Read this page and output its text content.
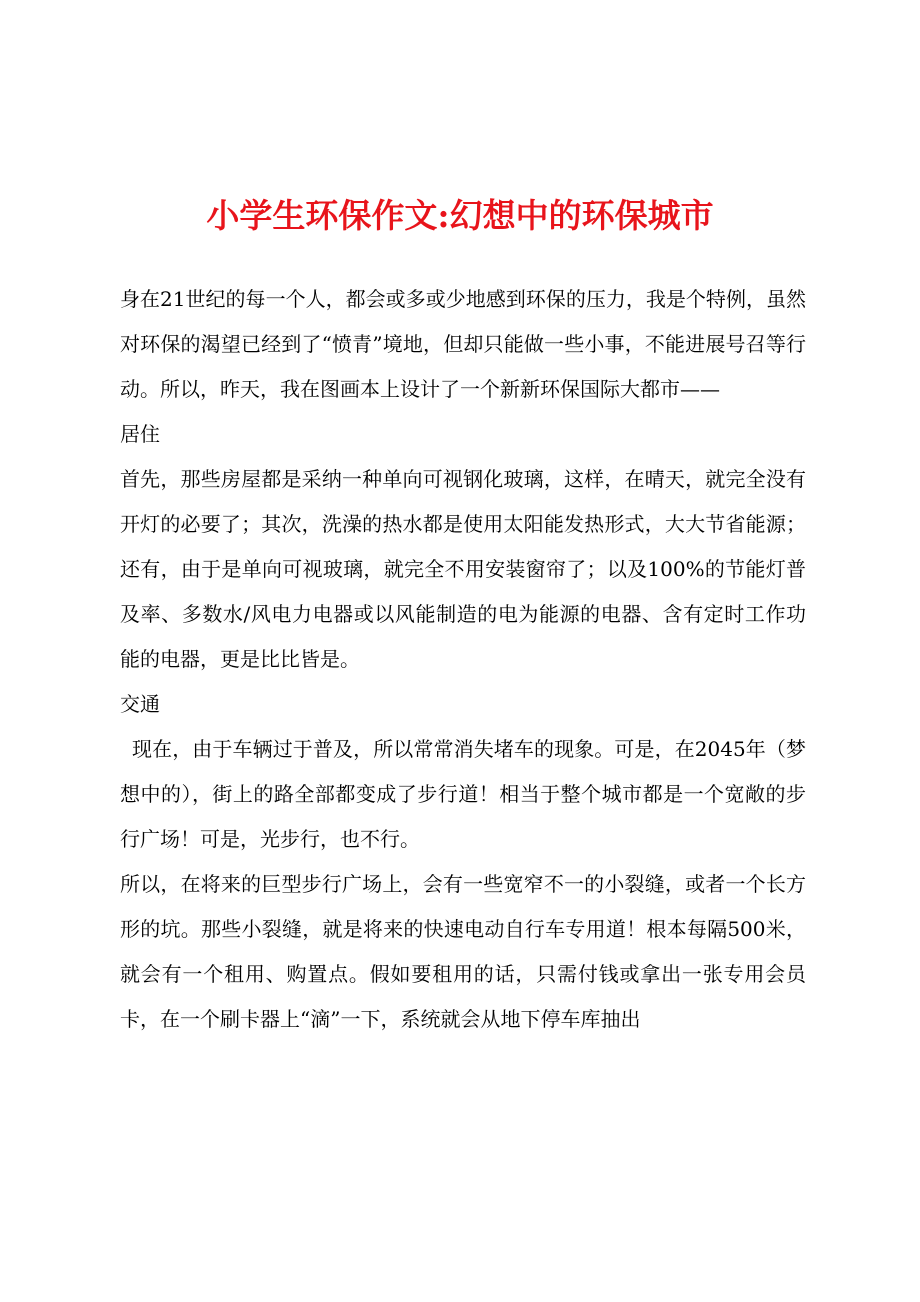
小学生环保作文:幻想中的环保城市

身在21世纪的每一个人，都会或多或少地感到环保的压力，我是个特例，虽然对环保的渴望已经到了“愤青”境地，但却只能做一些小事，不能进展号召等行动。所以，昨天，我在图画本上设计了一个新新环保国际大都市——

居住

首先，那些房屋都是采纳一种单向可视钢化玻璃，这样，在晴天，就完全没有开灯的必要了；其次，洗澡的热水都是使用太阳能发热形式，大大节省能源；还有，由于是单向可视玻璃，就完全不用安装窗帘了；以及100%的节能灯普及率、多数水/风电力电器或以风能制造的电为能源的电器、含有定时工作功能的电器，更是比比皆是。

交通

现在，由于车辆过于普及，所以常常消失堵车的现象。可是，在2045年（梦想中的），街上的路全部都变成了步行道！相当于整个城市都是一个宽敞的步行广场！可是，光步行，也不行。

所以，在将来的巨型步行广场上，会有一些宽窄不一的小裂缝，或者一个长方形的坑。那些小裂缝，就是将来的快速电动自行车专用道！根本每隔500米，就会有一个租用、购置点。假如要租用的话，只需付钱或拿出一张专用会员卡，在一个刷卡器上“滴”一下，系统就会从地下停车库抽出
